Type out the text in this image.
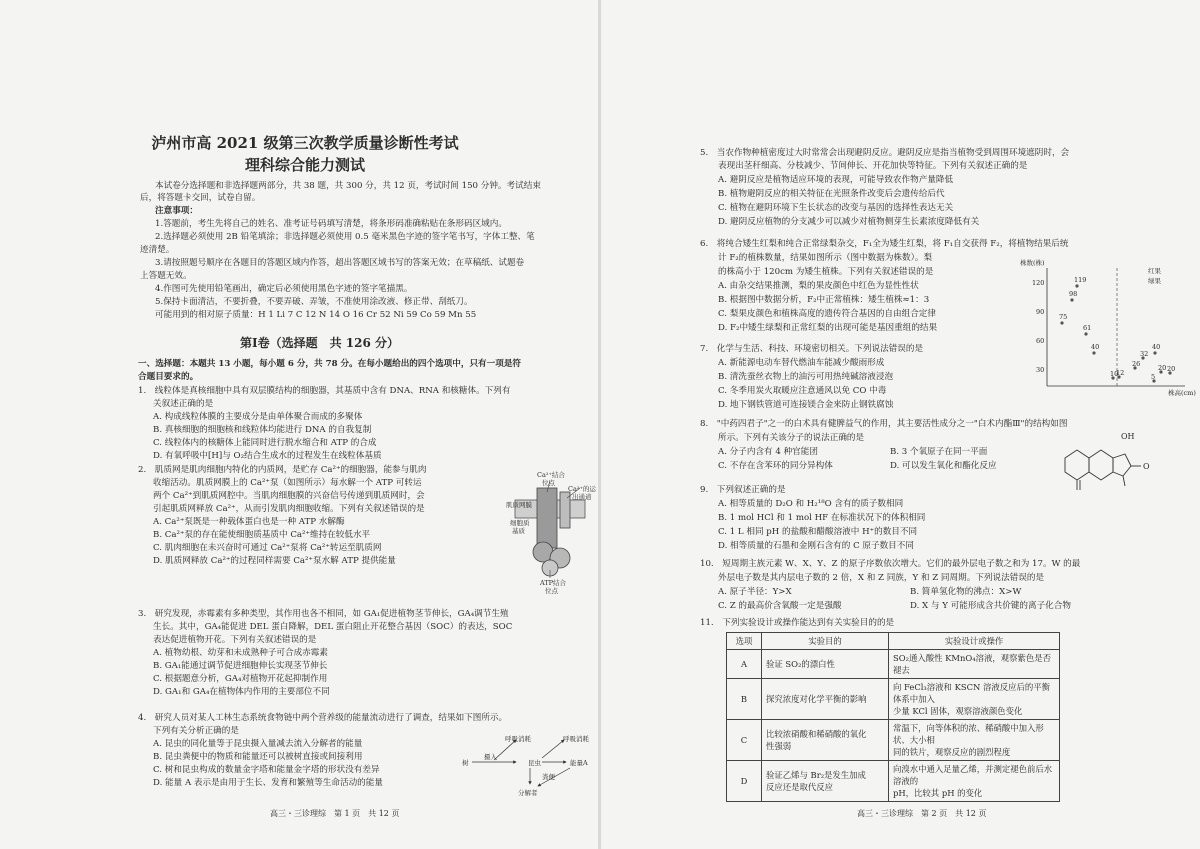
泸州市高 2021 级第三次教学质量诊断性考试
理科综合能力测试
本试卷分选择题和非选择题两部分，共 38 题，共 300 分，共 12 页，考试时间 150 分钟。考试结束
后，将答题卡交回，试卷自留。
注意事项：
1.答题前，考生先将自己的姓名、准考证号码填写清楚，将条形码准确粘贴在条形码区域内。
2.选择题必须使用 2B 铅笔填涂；非选择题必须使用 0.5 毫米黑色字迹的签字笔书写，字体工整、笔
迹清楚。
3.请按照题号顺序在各题目的答题区域内作答，超出答题区域书写的答案无效；在草稿纸、试题卷
上答题无效。
4.作图可先使用铅笔画出，确定后必须使用黑色字迹的签字笔描黑。
5.保持卡面清洁，不要折叠，不要弄破、弄皱，不准使用涂改液、修正带、刮纸刀。
可能用到的相对原子质量：H 1 Li 7 C 12 N 14 O 16 Cr 52 Ni 59 Co 59 Mn 55
第Ⅰ卷（选择题　共 126 分）
一、选择题：本题共 13 小题，每小题 6 分，共 78 分。在每小题给出的四个选项中，只有一项是符
合题目要求的。
1.　线粒体是真核细胞中具有双层膜结构的细胞器，其基质中含有 DNA、RNA 和核糖体。下列有
关叙述正确的是
A. 构成线粒体膜的主要成分是由单体聚合而成的多聚体
B. 真核细胞的细胞核和线粒体均能进行 DNA 的自我复制
C. 线粒体内的核糖体上能同时进行脱水缩合和 ATP 的合成
D. 有氧呼吸中[H]与 O₂结合生成水的过程发生在线粒体基质
2.　肌质网是肌肉细胞内特化的内质网，是贮存 Ca²⁺的细胞器，能参与肌肉
收缩活动。肌质网膜上的 Ca²⁺泵（如图所示）每水解一个 ATP 可转运
两个 Ca²⁺到肌质网腔中。当肌肉细胞膜的兴奋信号传递到肌质网时，会
引起肌质网释放 Ca²⁺，从而引发肌肉细胞收缩。下列有关叙述错误的是
A. Ca²⁺泵既是一种载体蛋白也是一种 ATP 水解酶
B. Ca²⁺泵的存在能使细胞质基质中 Ca²⁺维持在较低水平
C. 肌肉细胞在未兴奋时可通过 Ca²⁺泵将 Ca²⁺转运至肌质网
D. 肌质网释放 Ca²⁺的过程同样需要 Ca²⁺泵水解 ATP 提供能量
Ca²⁺结合
位点
Ca²⁺的运
出通道
肌质网膜
细胞质
基质
ATP结合
位点
3.　研究发现，赤霉素有多种类型，其作用也各不相同，如 GA₁促进植物茎节伸长，GA₄调节生殖
生长。其中，GA₄能促进 DEL 蛋白降解，DEL 蛋白阻止开花整合基因（SOC）的表达，SOC
表达促进植物开花。下列有关叙述错误的是
A. 植物幼根、幼芽和未成熟种子可合成赤霉素
B. GA₁能通过调节促进细胞伸长实现茎节伸长
C. 根据题意分析，GA₄对植物开花起抑制作用
D. GA₁和 GA₄在植物体内作用的主要部位不同
4.　研究人员对某人工林生态系统食物链中两个营养级的能量流动进行了调查，结果如下图所示。
下列有关分析正确的是
A. 昆虫的同化量等于昆虫摄入量减去流入分解者的能量
B. 昆虫粪便中的物质和能量还可以被树直接或间接利用
C. 树和昆虫构成的数量金字塔和能量金字塔的形状没有差异
D. 能量 A 表示是由用于生长、发育和繁殖等生命活动的能量
呼吸消耗	呼吸消耗
树
摄入
昆虫	能量A
粪便
分解者
高三・三诊理综　第 1 页　共 12 页
5.　当农作物种植密度过大时常常会出现避阴反应。避阴反应是指当植物受到周围环境遮阴时，会
表现出茎秆细高、分枝减少、节间伸长、开花加快等特征。下列有关叙述正确的是
A. 避阴反应是植物适应环境的表现，可能导致农作物产量降低
B. 植物避阴反应的相关特征在光照条件改变后会遗传给后代
C. 植物在避阴环境下生长状态的改变与基因的选择性表达无关
D. 避阴反应植物的分支减少可以减少对植物侧芽生长素浓度降低有关
6.　将纯合矮生红梨和纯合正常绿梨杂交，F₁全为矮生红梨，将 F₁自交获得 F₂，将植物结果后统
计 F₂的植株数量，结果如图所示（图中数据为株数）。梨
的株高小于 120cm 为矮生植株。下列有关叙述错误的是
A. 由杂交结果推测，梨的果皮颜色中红色为显性性状
B. 根据图中数据分析，F₂中正常植株：矮生植株≈1：3
C. 梨果皮颜色和植株高度的遗传符合基因的自由组合定律
D. F₂中矮生绿梨和正常红梨的出现可能是基因重组的结果
株数(株)
株高(cm)
红果
绿果
120
90
60
30
119
98
75
61
40	40
32
26	20 20
10
12	5
7.　化学与生活、科技、环境密切相关。下列说法错误的是
A. 新能源电动车替代燃油车能减少酸雨形成
B. 清洗蚕丝衣物上的油污可用热纯碱溶液浸泡
C. 冬季用炭火取暖应注意通风以免 CO 中毒
D. 地下钢铁管道可连接镁合金来防止钢铁腐蚀
8.　"中药四君子"之一的白术具有健脾益气的作用，其主要活性成分之一"白术内酯Ⅲ"的结构如图
所示。下列有关该分子的说法正确的是
A. 分子内含有 4 种官能团	B. 3 个氧原子在同一平面
C. 不存在含苯环的同分异构体	D. 可以发生氧化和酯化反应
OH
O
9.　下列叙述正确的是
A. 相等质量的 D₂O 和 H₂¹⁸O 含有的质子数相同
B. 1 mol HCl 和 1 mol HF 在标准状况下的体积相同
C. 1 L 相同 pH 的盐酸和醋酸溶液中 H⁺的数目不同
D. 相等质量的石墨和金刚石含有的 C 原子数目不同
10.　短周期主族元素 W、X、Y、Z 的原子序数依次增大。它们的最外层电子数之和为 17。W 的最
外层电子数是其内层电子数的 2 倍，X 和 Z 同族，Y 和 Z 同周期。下列说法错误的是
A. 原子半径：Y>X	B. 简单氢化物的沸点：X>W
C. Z 的最高价含氧酸一定是强酸	D. X 与 Y 可能形成含共价键的离子化合物
11.　下列实验设计或操作能达到有关实验目的的是
高三・三诊理综　第 2 页　共 12 页
选项	实验目的	实验设计或操作
A	验证 SO₂的漂白性	SO₂通入酸性 KMnO₄溶液，观察紫色是否褪去
B	探究浓度对化学平衡的影响	向 FeCl₃溶液和 KSCN 溶液反应后的平衡体系中加入
少量 KCl 固体，观察溶液颜色变化
C	比较浓硝酸和稀硝酸的氧化
性强弱	常温下，向等体积的浓、稀硝酸中加入形状、大小相
同的铁片，观察反应的剧烈程度
D	验证乙烯与 Br₂是发生加成
反应还是取代反应	向溴水中通入足量乙烯，并测定褪色前后水溶液的
pH，比较其 pH 的变化
